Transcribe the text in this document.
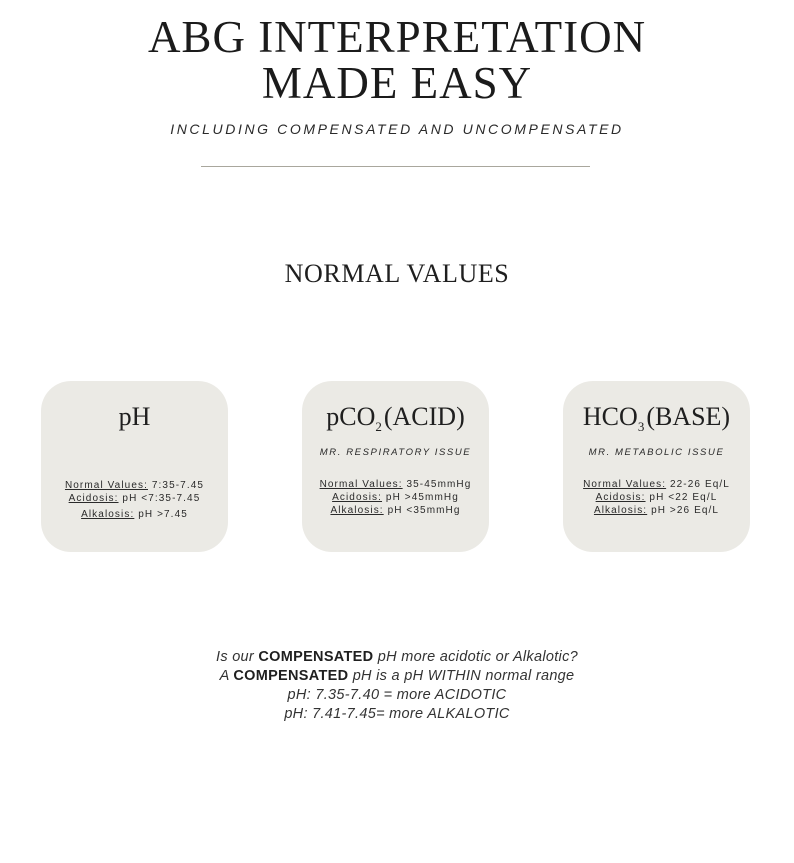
ABG INTERPRETATION
MADE EASY
INCLUDING COMPENSATED AND UNCOMPENSATED
NORMAL VALUES
pH
Normal Values: 7:35-7.45
Acidosis: pH <7:35-7.45
Alkalosis: pH >7.45
pCO$_2$(ACID)
MR. RESPIRATORY ISSUE
Normal Values: 35-45mmHg
Acidosis: pH >45mmHg
Alkalosis: pH <35mmHg
$HCO_3(BASE)$
MR. METABOLIC ISSUE
Normal Values: 22-26 Eq/L
Acidosis: pH <22 Eq/L
Alkalosis: pH >26 Eq/L
Is our COMPENSATED pH more acidotic or Alkalotic?
A COMPENSATED pH is a pH WITHIN normal range
pH: 7.35-7.40 = more ACIDOTIC
pH: 7.41-7.45= more ALKALOTIC
